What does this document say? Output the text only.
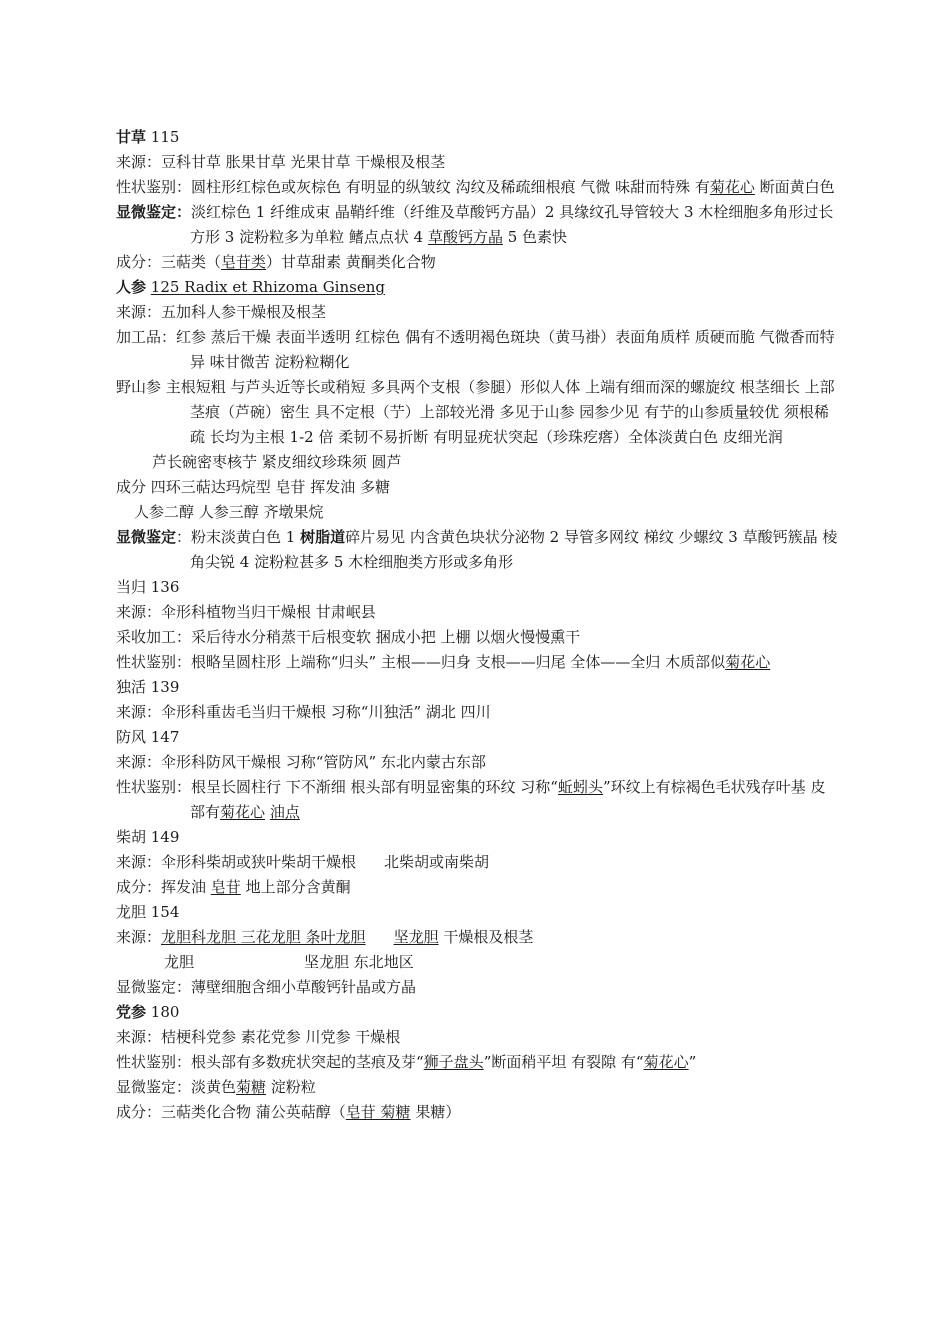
甘草 115

来源：豆科甘草 胀果甘草 光果甘草 干燥根及根茎

性状鉴别：圆柱形红棕色或灰棕色 有明显的纵皱纹 沟纹及稀疏细根痕 气微 味甜而特殊 有菊花心 断面黄白色

显微鉴定：淡红棕色 1 纤维成束 晶鞘纤维（纤维及草酸钙方晶）2 具缘纹孔导管较大 3 木栓细胞多角形过长方形 3 淀粉粒多为单粒 鳍点点状 4 草酸钙方晶 5 色素快

成分：三萜类（皂苷类）甘草甜素 黄酮类化合物

人参 125 Radix et Rhizoma Ginseng

来源：五加科人参干燥根及根茎

加工品：红参 蒸后干燥 表面半透明 红棕色 偶有不透明褐色斑块（黄马褂）表面角质样 质硬而脆 气微香而特异 味甘微苦 淀粉粒糊化

野山参 主根短粗 与芦头近等长或稍短 多具两个支根（参腿）形似人体 上端有细而深的螺旋纹 根茎细长 上部茎痕（芦碗）密生 具不定根（艼）上部较光滑 多见于山参 园参少见 有艼的山参质量较优 须根稀疏 长均为主根 1-2 倍 柔韧不易折断 有明显疣状突起（珍珠疙瘩）全体淡黄白色 皮细光润

芦长碗密枣核艼 紧皮细纹珍珠须 圆芦

成分 四环三萜达玛烷型 皂苷 挥发油 多糖

人参二醇 人参三醇 齐墩果烷

显微鉴定：粉末淡黄白色 1 树脂道碎片易见 内含黄色块状分泌物 2 导管多网纹 梯纹 少螺纹 3 草酸钙簇晶 棱角尖锐 4 淀粉粒甚多 5 木栓细胞类方形或多角形

当归 136

来源：伞形科植物当归干燥根 甘肃岷县

采收加工：采后待水分稍蒸干后根变软 捆成小把 上棚 以烟火慢慢熏干

性状鉴别：根略呈圆柱形 上端称“归头” 主根——归身 支根——归尾 全体——全归 木质部似菊花心

独活 139

来源：伞形科重齿毛当归干燥根 习称“川独活” 湖北 四川

防风 147

来源：伞形科防风干燥根 习称“管防风” 东北内蒙古东部

性状鉴别：根呈长圆柱行 下不渐细 根头部有明显密集的环纹 习称“蚯蚓头”环纹上有棕褐色毛状残存叶基 皮部有菊花心 油点

柴胡 149

来源：伞形科柴胡或狭叶柴胡干燥根 北柴胡或南柴胡

成分：挥发油 皂苷 地上部分含黄酮

龙胆 154

来源：龙胆科龙胆 三花龙胆 条叶龙胆 坚龙胆 干燥根及根茎

龙胆	坚龙胆 东北地区

显微鉴定：薄壁细胞含细小草酸钙针晶或方晶

党参 180

来源：桔梗科党参 素花党参 川党参 干燥根

性状鉴别：根头部有多数疣状突起的茎痕及芽“狮子盘头”断面稍平坦 有裂隙 有“菊花心”

显微鉴定：淡黄色菊糖 淀粉粒

成分：三萜类化合物 蒲公英萜醇（皂苷 菊糖 果糖）
